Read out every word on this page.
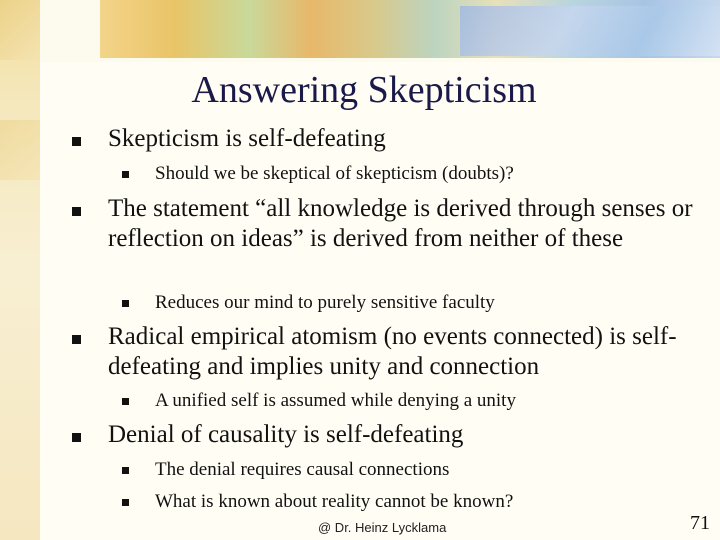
Answering Skepticism
Skepticism is self-defeating
Should we be skeptical of skepticism (doubts)?
The statement “all knowledge is derived through senses or reflection on ideas” is derived from neither of these
Reduces our mind to purely sensitive faculty
Radical empirical atomism (no events connected) is self-defeating and implies unity and connection
A unified self is assumed while denying a unity
Denial of causality is self-defeating
The denial requires causal connections
What is known about reality cannot be known?
@ Dr. Heinz Lycklama	71
